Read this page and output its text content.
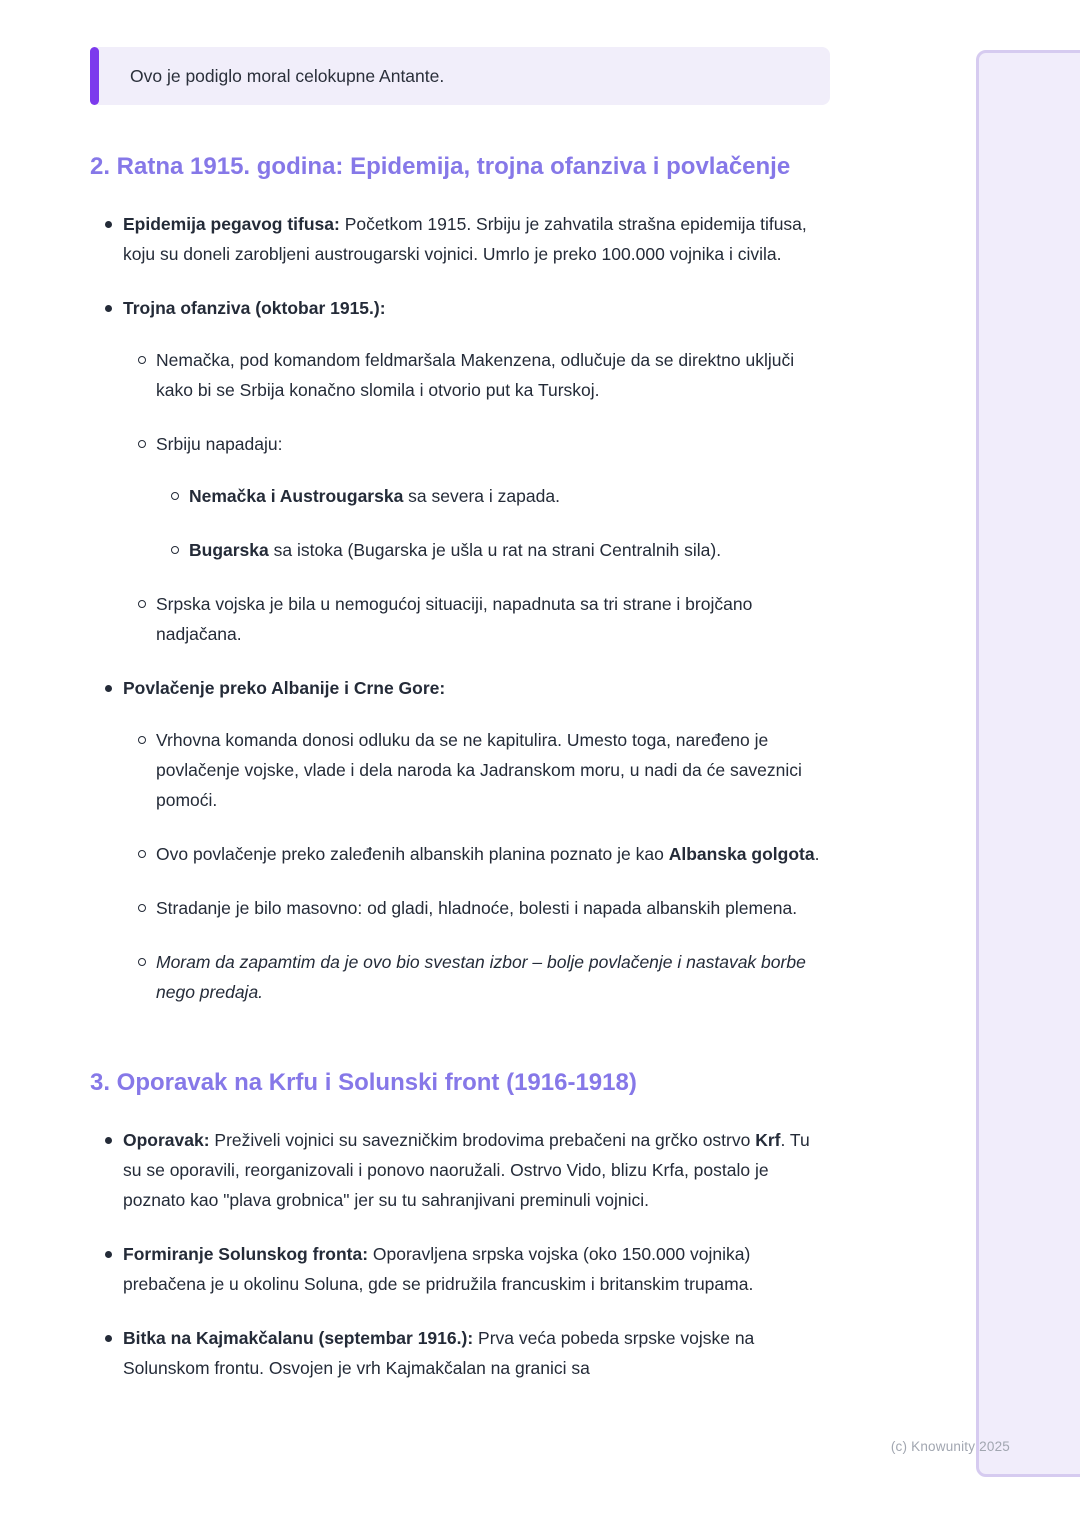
Ovo je podiglo moral celokupne Antante.
2. Ratna 1915. godina: Epidemija, trojna ofanziva i povlačenje
Epidemija pegavog tifusa: Početkom 1915. Srbiju je zahvatila strašna epidemija tifusa, koju su doneli zarobljeni austrougarski vojnici. Umrlo je preko 100.000 vojnika i civila.
Trojna ofanziva (oktobar 1915.):
Nemačka, pod komandom feldmaršala Makenzena, odlučuje da se direktno uključi kako bi se Srbija konačno slomila i otvorio put ka Turskoj.
Srbiju napadaju:
Nemačka i Austrougarska sa severa i zapada.
Bugarska sa istoka (Bugarska je ušla u rat na strani Centralnih sila).
Srpska vojska je bila u nemogućoj situaciji, napadnuta sa tri strane i brojčano nadjačana.
Povlačenje preko Albanije i Crne Gore:
Vrhovna komanda donosi odluku da se ne kapitulira. Umesto toga, naređeno je povlačenje vojske, vlade i dela naroda ka Jadranskom moru, u nadi da će saveznici pomoći.
Ovo povlačenje preko zaleđenih albanskih planina poznato je kao Albanska golgota.
Stradanje je bilo masovno: od gladi, hladnoće, bolesti i napada albanskih plemena.
Moram da zapamtim da je ovo bio svestan izbor – bolje povlačenje i nastavak borbe nego predaja.
3. Oporavak na Krfu i Solunski front (1916-1918)
Oporavak: Preživeli vojnici su savezničkim brodovima prebačeni na grčko ostrvo Krf. Tu su se oporavili, reorganizovali i ponovo naoružali. Ostrvo Vido, blizu Krfa, postalo je poznato kao "plava grobnica" jer su tu sahranjivani preminuli vojnici.
Formiranje Solunskog fronta: Oporavljena srpska vojska (oko 150.000 vojnika) prebačena je u okolinu Soluna, gde se pridružila francuskim i britanskim trupama.
Bitka na Kajmakčalanu (septembar 1916.): Prva veća pobeda srpske vojske na Solunskom frontu. Osvojen je vrh Kajmakčalan na granici sa
(c) Knowunity 2025
